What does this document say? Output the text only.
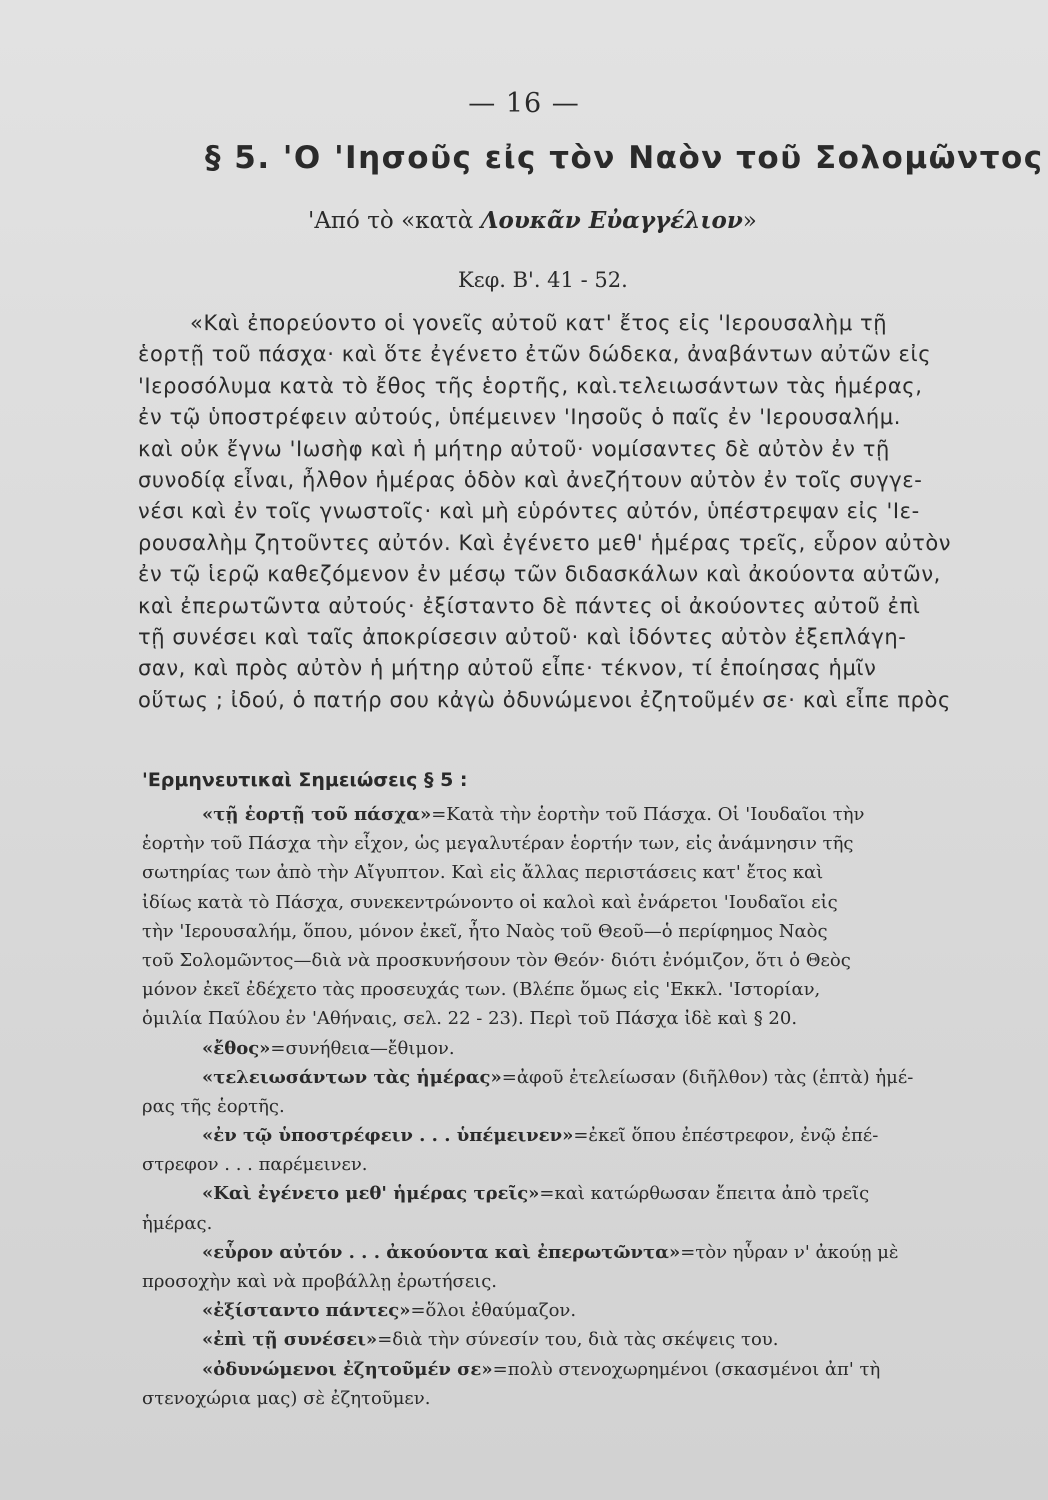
— 16 —
§ 5. 'Ο 'Ιησοῦς εἰς τὸν Ναὸν τοῦ Σολομῶντος
'Από τὸ «κατὰ Λουκᾶν Εὐαγγέλιον»
Κεφ. Β'. 41 - 52.
«Καὶ ἐπορεύοντο οἱ γονεῖς αὐτοῦ κατ' ἔτος εἰς 'Ιερουσαλὴμ τῇ
ἑορτῇ τοῦ πάσχα· καὶ ὅτε ἐγένετο ἐτῶν δώδεκα, ἀναβάντων αὐτῶν εἰς
'Ιεροσόλυμα κατὰ τὸ ἔθος τῆς ἑορτῆς, καὶ.τελειωσάντων τὰς ἡμέρας,
ἐν τῷ ὑποστρέφειν αὐτούς, ὑπέμεινεν 'Ιησοῦς ὁ παῖς ἐν 'Ιερουσαλήμ.
καὶ οὐκ ἔγνω 'Ιωσὴφ καὶ ἡ μήτηρ αὐτοῦ· νομίσαντες δὲ αὐτὸν ἐν τῇ
συνοδίᾳ εἶναι, ἦλθον ἡμέρας ὁδὸν καὶ ἀνεζήτουν αὐτὸν ἐν τοῖς συγγε-
νέσι καὶ ἐν τοῖς γνωστοῖς· καὶ μὴ εὑρόντες αὐτόν, ὑπέστρεψαν εἰς 'Ιε-
ρουσαλὴμ ζητοῦντες αὐτόν. Καὶ ἐγένετο μεθ' ἡμέρας τρεῖς, εὗρον αὐτὸν
ἐν τῷ ἱερῷ καθεζόμενον ἐν μέσῳ τῶν διδασκάλων καὶ ἀκούοντα αὐτῶν,
καὶ ἐπερωτῶντα αὐτούς· ἐξίσταντο δὲ πάντες οἱ ἀκούοντες αὐτοῦ ἐπὶ
τῇ συνέσει καὶ ταῖς ἀποκρίσεσιν αὐτοῦ· καὶ ἰδόντες αὐτὸν ἐξεπλάγη-
σαν, καὶ πρὸς αὐτὸν ἡ μήτηρ αὐτοῦ εἶπε· τέκνον, τί ἐποίησας ἡμῖν
οὕτως ; ἰδού, ὁ πατήρ σου κἀγὼ ὀδυνώμενοι ἐζητοῦμέν σε· καὶ εἶπε πρὸς
'Ερμηνευτικαὶ Σημειώσεις § 5 :
«τῇ ἑορτῇ τοῦ πάσχα»=Κατὰ τὴν ἑορτὴν τοῦ Πάσχα. Οἱ 'Ιουδαῖοι τὴν
ἑορτὴν τοῦ Πάσχα τὴν εἶχον, ὡς μεγαλυτέραν ἑορτήν των, εἰς ἀνάμνησιν τῆς
σωτηρίας των ἀπὸ τὴν Αἴγυπτον. Καὶ εἰς ἄλλας περιστάσεις κατ' ἔτος καὶ
ἰδίως κατὰ τὸ Πάσχα, συνεκεντρώνοντο οἱ καλοὶ καὶ ἐνάρετοι 'Ιουδαῖοι εἰς
τὴν 'Ιερουσαλήμ, ὅπου, μόνον ἐκεῖ, ἦτο Ναὸς τοῦ Θεοῦ—ὁ περίφημος Ναὸς
τοῦ Σολομῶντος—διὰ νὰ προσκυνήσουν τὸν Θεόν· διότι ἐνόμιζον, ὅτι ὁ Θεὸς
μόνον ἐκεῖ ἐδέχετο τὰς προσευχάς των. (Βλέπε ὅμως εἰς 'Εκκλ. 'Ιστορίαν,
ὁμιλία Παύλου ἐν 'Αθήναις, σελ. 22 - 23). Περὶ τοῦ Πάσχα ἰδὲ καὶ § 20.
«ἔθος»=συνήθεια—ἔθιμον.
«τελειωσάντων τὰς ἡμέρας»=ἀφοῦ ἐτελείωσαν (διῆλθον) τὰς (ἑπτὰ) ἡμέ-
ρας τῆς ἑορτῆς.
«ἐν τῷ ὑποστρέφειν . . . ὑπέμεινεν»=ἐκεῖ ὅπου ἐπέστρεφον, ἐνῷ ἐπέ-
στρεφον . . . παρέμεινεν.
«Καὶ ἐγένετο μεθ' ἡμέρας τρεῖς»=καὶ κατώρθωσαν ἔπειτα ἀπὸ τρεῖς
ἡμέρας.
«εὗρον αὐτόν . . . ἀκούοντα καὶ ἐπερωτῶντα»=τὸν ηὗραν ν' ἀκούῃ μὲ
προσοχὴν καὶ νὰ προβάλλῃ ἐρωτήσεις.
«ἐξίσταντο πάντες»=ὅλοι ἐθαύμαζον.
«ἐπὶ τῇ συνέσει»=διὰ τὴν σύνεσίν του, διὰ τὰς σκέψεις του.
«ὀδυνώμενοι ἐζητοῦμέν σε»=πολὺ στενοχωρημένοι (σκασμένοι ἀπ' τὴ
στενοχώρια μας) σὲ ἐζητοῦμεν.
